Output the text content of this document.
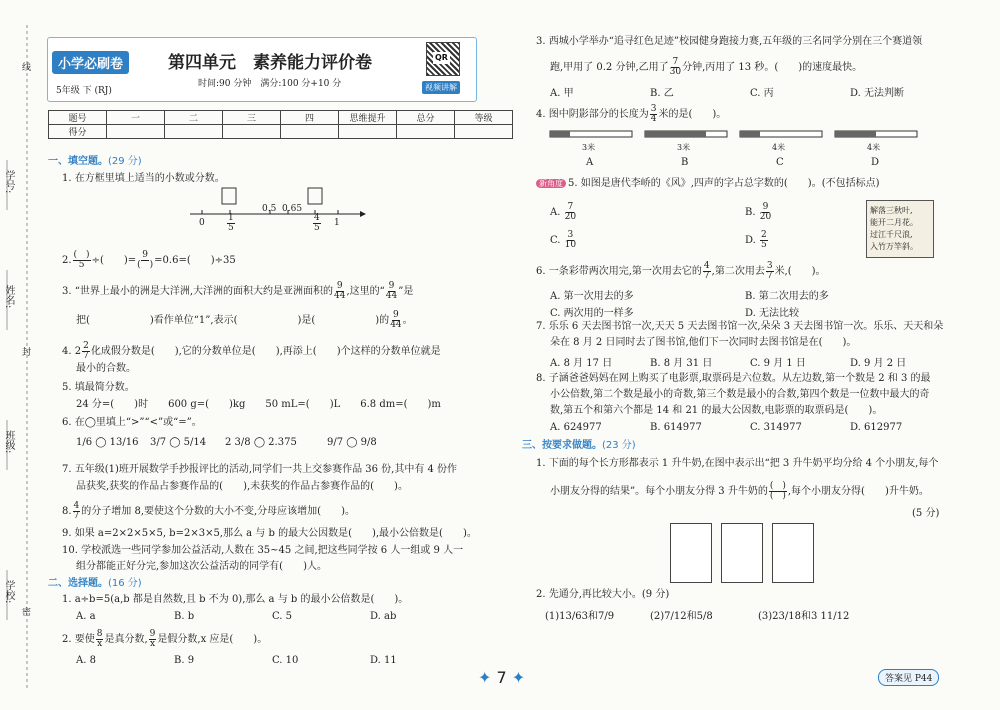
线
封
密
学号:
姓名:
班级:
学校:
小学必刷卷
5年级 下 (RJ)
第四单元　素养能力评价卷
时间:90 分钟　满分:100 分+10 分
QR
视频讲解
题号	一	二	三	四	思维提升	总分	等级
得分							
一、填空题。(29 分)
1. 在方框里填上适当的小数或分数。
0
0.5 0.65
1
$\frac{1}{5}$	$\frac{4}{5}$
2. $\frac{( )}{5}$ ÷(　　)= $\frac{9}{( )} =0.6=$(　　)÷35
3. “世界上最小的洲是大洋洲,大洋洲的面积大约是亚洲面积的 $\frac{9}{44}$ ,这里的“ $\frac{9}{44}$ ”是
把(　　　　　　)看作单位“1”,表示(　　　　　　)是(　　　　　　)的 $\frac{9}{44}$ 。
4. $2 \frac{2}{7}$ 化成假分数是(　　),它的分数单位是(　　),再添上(　　)个这样的分数单位就是
最小的合数。
5. 填最简分数。
24 分=(　　)时　　600 g=(　　)kg　　50 mL=(　　)L　　6.8 dm=(　　)m
6. 在◯里填上“>”“<”或“=”。
1/6 ◯ 13/16 3/7 ◯ 5/14 2 3/8 ◯ 2.375	9/7 ◯ 9/8
7. 五年级(1)班开展数学手抄报评比的活动,同学们一共上交参赛作品 36 份,其中有 4 份作
品获奖,获奖的作品占参赛作品的(　　),未获奖的作品占参赛作品的(　　)。
8. $\frac{4}{7}$ 的分子增加 8,要使这个分数的大小不变,分母应该增加(　　)。
9. 如果 a=2×2×5×5, b=2×3×5,那么 a 与 b 的最大公因数是(　　),最小公倍数是(　　)。
10. 学校派选一些同学参加公益活动,人数在 35~45 之间,把这些同学按 6 人一组或 9 人一
组分都能正好分完,参加这次公益活动的同学有(　　)人。
二、选择题。(16 分)
1. a÷b=5(a,b 都是自然数,且 b 不为 0),那么 a 与 b 的最小公倍数是(　　)。
A. a	B. b	C. 5	D. ab
2. 要使 $\frac{8}{x}$ 是真分数, $\frac{9}{x}$ 是假分数,x 应是(　　)。
A. 8	B. 9	C. 10	D. 11
3. 西城小学举办“追寻红色足迹”校园健身跑接力赛,五年级的三名同学分别在三个赛道领
跑,甲用了 0.2 分钟,乙用了 $\frac{7}{30}$ 分钟,丙用了 13 秒。(　　)的速度最快。
A. 甲	B. 乙	C. 丙	D. 无法判断
4. 图中阴影部分的长度为 $\frac{3}{4}$ 米的是(　　)。
3米	3米	4米	4米
A	B	C	D
新角度 5. 如图是唐代李峤的《风》,四声的字占总字数的(　　)。(不包括标点)
A. $\frac{7}{20}$	B. $\frac{9}{20}$
C. $\frac{3}{10}$	D. $\frac{2}{5}$
解落三秋叶,
能开二月花。
过江千尺浪,
入竹万竿斜。
6. 一条彩带两次用完,第一次用去它的 $\frac{4}{7}$ ,第二次用去 $\frac{3}{7}$ 米,(　　)。
A. 第一次用去的多	B. 第二次用去的多
C. 两次用的一样多	D. 无法比较
7. 乐乐 6 天去图书馆一次,天天 5 天去图书馆一次,朵朵 3 天去图书馆一次。乐乐、天天和朵
朵在 8 月 2 日同时去了图书馆,他们下一次同时去图书馆是在(　　)。
A. 8 月 17 日	B. 8 月 31 日	C. 9 月 1 日	D. 9 月 2 日
8. 子涵爸爸妈妈在网上购买了电影票,取票码是六位数。从左边数,第一个数是 2 和 3 的最
小公倍数,第二个数是最小的奇数,第三个数是最小的合数,第四个数是一位数中最大的奇
数,第五个和第六个都是 14 和 21 的最大公因数,电影票的取票码是(　　)。
A. 624977	B. 614977	C. 314977	D. 612977
三、按要求做题。(23 分)
1. 下面的每个长方形都表示 1 升牛奶,在图中表示出“把 3 升牛奶平均分给 4 个小朋友,每个
小朋友分得的结果”。每个小朋友分得 3 升牛奶的 $\frac{( )}{( )}$ ,每个小朋友分得(　　)升牛奶。
(5 分)
2. 先通分,再比较大小。(9 分)
(1)13/63和7/9	(2)7/12和5/8	(3)23/18和3 11/12
✦ 7 ✦	答案见 P44
